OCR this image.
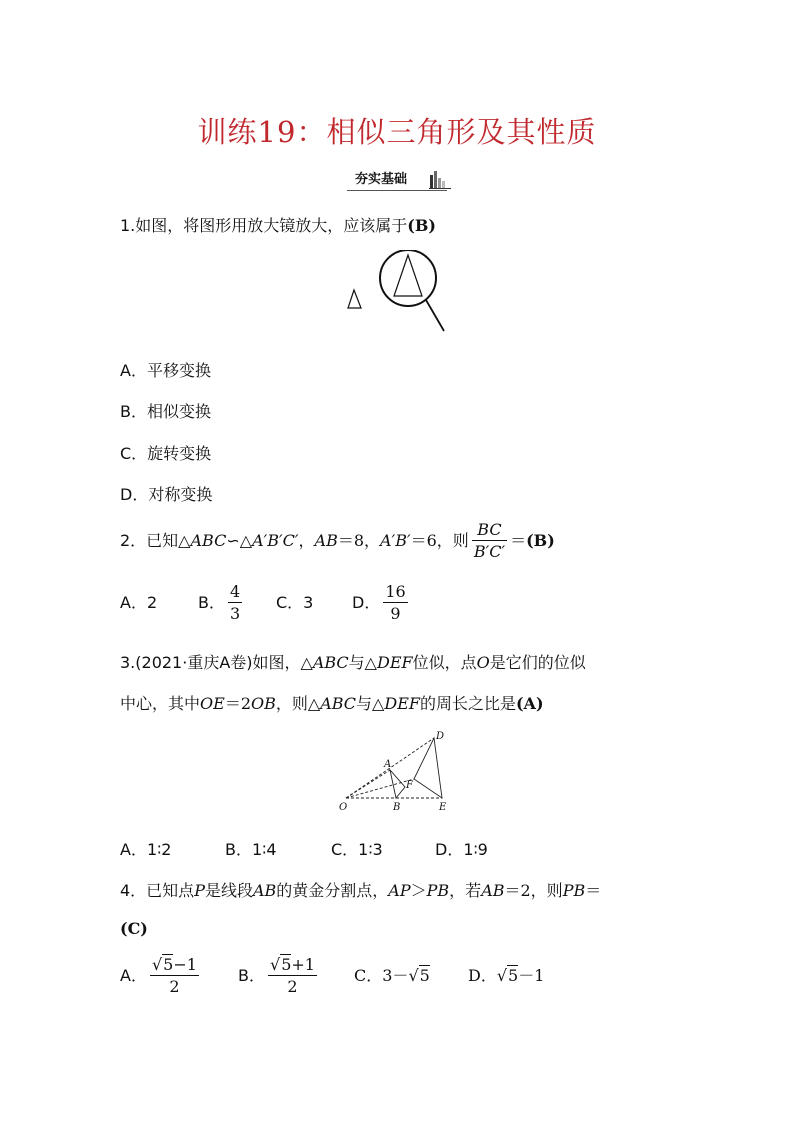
训练19：相似三角形及其性质
夯实基础
1.如图，将图形用放大镜放大，应该属于(B)
A．平移变换
B．相似变换
C．旋转变换
D．对称变换
2．已知△ABC∽△A′B′C′，AB＝8，A′B′＝6，则 $\frac{BC}{B'C'} =(B)$
A．2	B． $\frac{4}{3}$ C．3 D． $\frac{16}{9}$
3.(2021·重庆A卷)如图，△ABC与△DEF位似，点O是它们的位似
中心，其中OE＝2OB，则△ABC与△DEF的周长之比是(A)
O
A
B
D
E
F
A．1∶2	B．1∶4	C．1∶3	D．1∶9
4．已知点P是线段AB的黄金分割点，AP＞PB，若AB＝2，则PB＝
(C)
A． $\frac{√5-1}{2}$ B． $\frac{√5+1}{2}$ C．3－√5 D．√5－1
